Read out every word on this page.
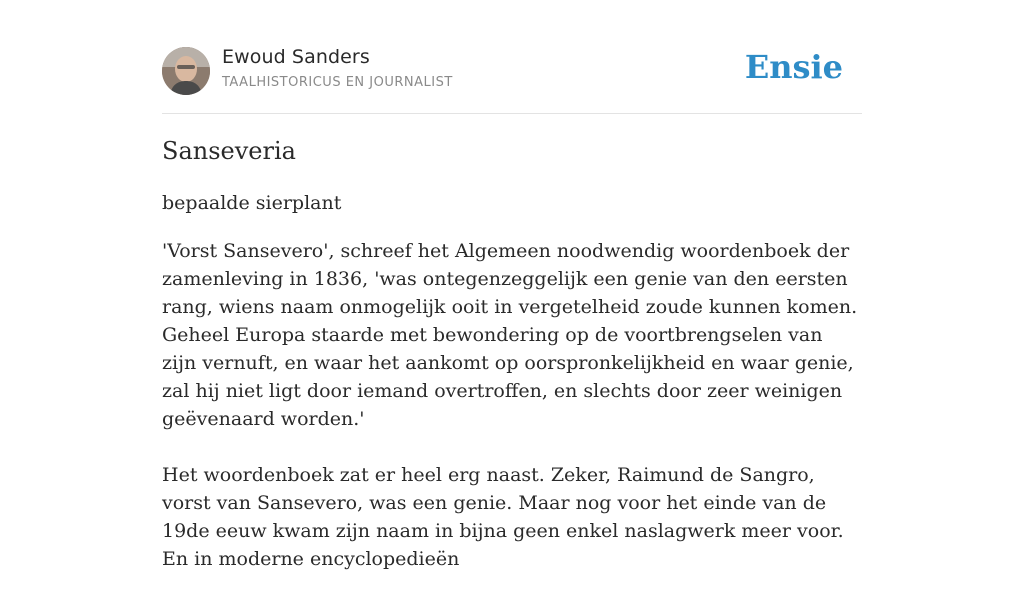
Ewoud Sanders
TAALHISTORICUS EN JOURNALIST	Ensie
Sanseveria
bepaalde sierplant

'Vorst Sansevero', schreef het Algemeen noodwendig woordenboek der zamenleving in 1836, 'was ontegenzeggelijk een genie van den eersten rang, wiens naam onmogelijk ooit in vergetelheid zoude kunnen komen. Geheel Europa staarde met bewondering op de voortbrengselen van zijn vernuft, en waar het aankomt op oorspronkelijkheid en waar genie, zal hij niet ligt door iemand overtroffen, en slechts door zeer weinigen geëvenaard worden.'

Het woordenboek zat er heel erg naast. Zeker, Raimund de Sangro, vorst van Sansevero, was een genie. Maar nog voor het einde van de 19de eeuw kwam zijn naam in bijna geen enkel naslagwerk meer voor. En in moderne encyclopedieën
